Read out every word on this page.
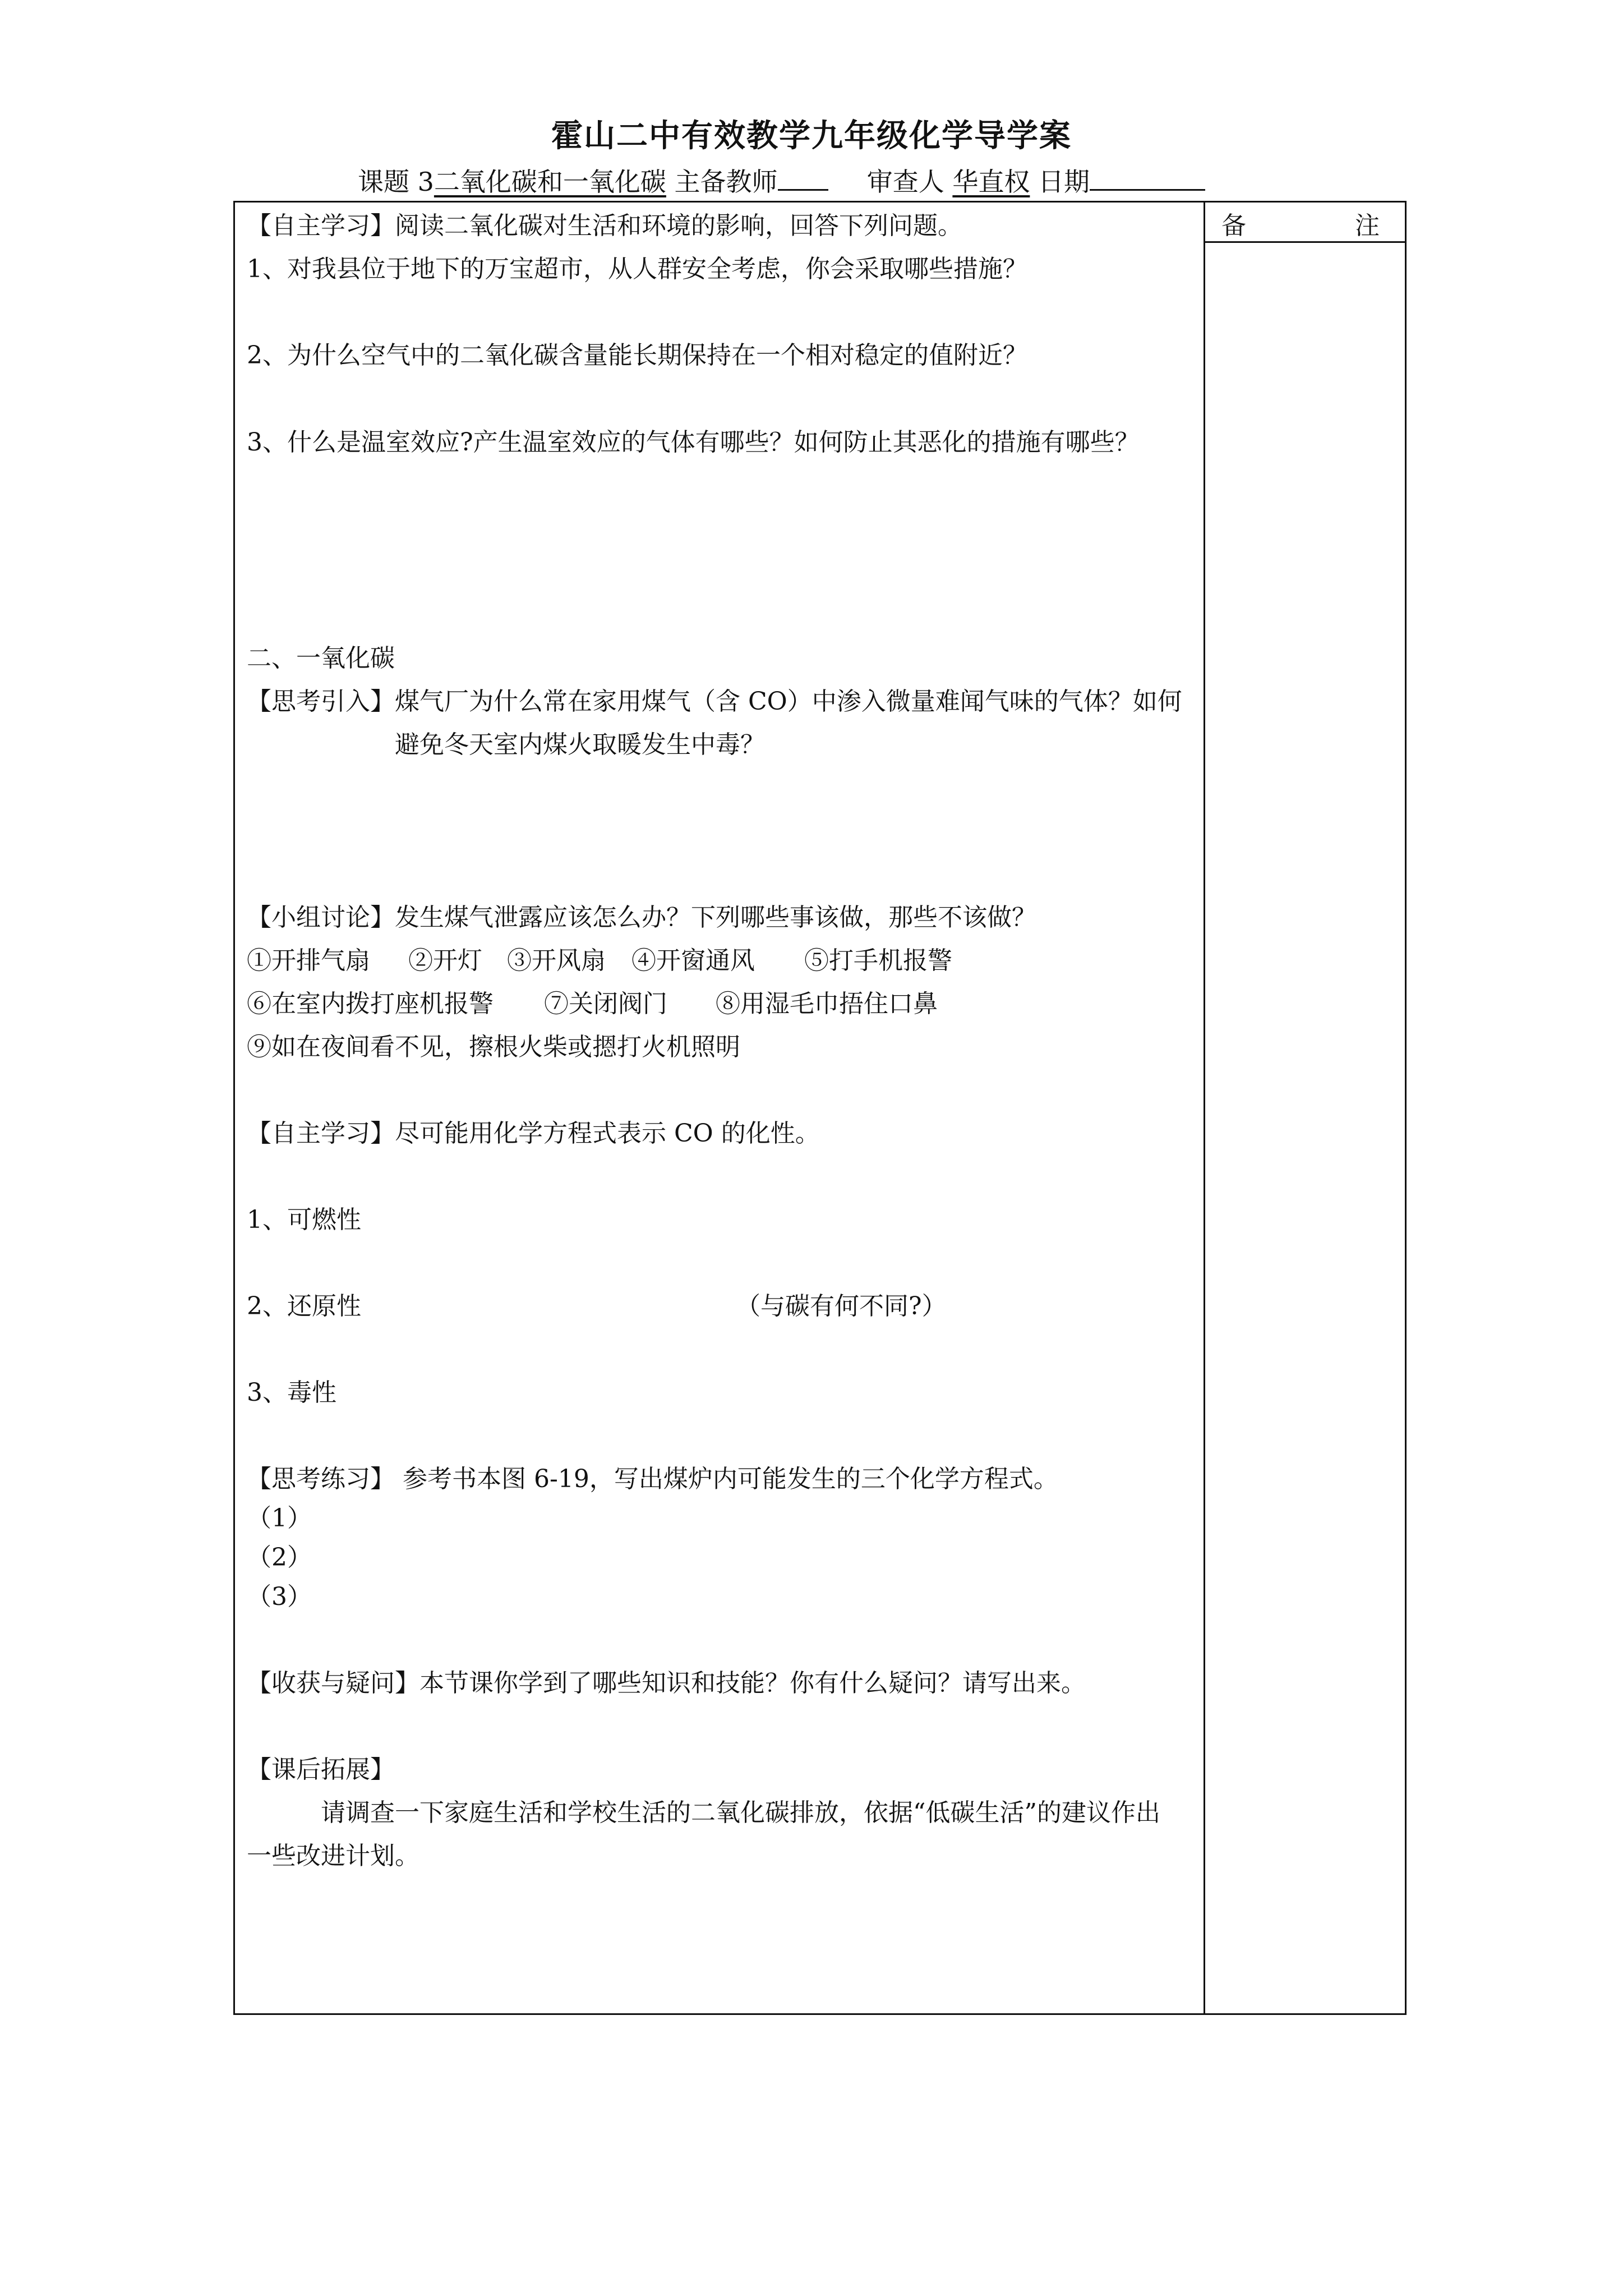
霍山二中有效教学九年级化学导学案
课题 3二氧化碳和一氧化碳 主备教师	审查人 华直权 日期
备	注
【自主学习】阅读二氧化碳对生活和环境的影响，回答下列问题。
1、对我县位于地下的万宝超市，从人群安全考虑，你会采取哪些措施？
2、为什么空气中的二氧化碳含量能长期保持在一个相对稳定的值附近？
3、什么是温室效应?产生温室效应的气体有哪些？如何防止其恶化的措施有哪些？
二、一氧化碳
【思考引入】煤气厂为什么常在家用煤气（含 CO）中渗入微量难闻气味的气体？如何
避免冬天室内煤火取暖发生中毒？
【小组讨论】发生煤气泄露应该怎么办？下列哪些事该做，那些不该做？
①开排气扇 ②开灯 ③开风扇 ④开窗通风 ⑤打手机报警
⑥在室内拨打座机报警 ⑦关闭阀门 ⑧用湿毛巾捂住口鼻
⑨如在夜间看不见，擦根火柴或摁打火机照明
【自主学习】尽可能用化学方程式表示 CO 的化性。
1、可燃性
2、还原性	（与碳有何不同?）
3、毒性
【思考练习】 参考书本图 6-19，写出煤炉内可能发生的三个化学方程式。
（1）
（2）
（3）
【收获与疑问】本节课你学到了哪些知识和技能？你有什么疑问？请写出来。
【课后拓展】
请调查一下家庭生活和学校生活的二氧化碳排放，依据“低碳生活”的建议作出
一些改进计划。
